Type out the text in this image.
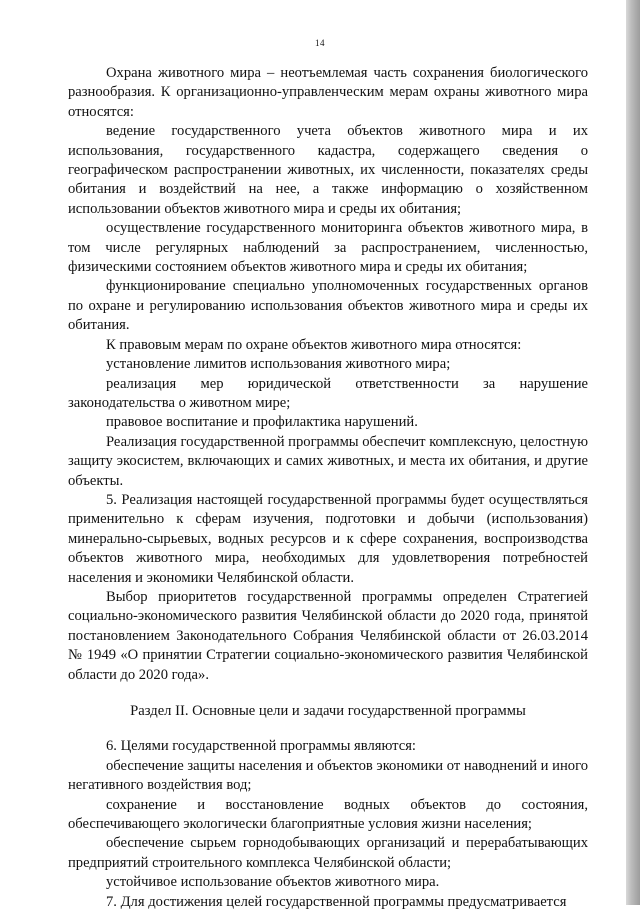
14

Охрана животного мира – неотъемлемая часть сохранения биологического разнообразия. К организационно-управленческим мерам охраны животного мира относятся:

ведение государственного учета объектов животного мира и их использования, государственного кадастра, содержащего сведения о географическом распространении животных, их численности, показателях среды обитания и воздействий на нее, а также информацию о хозяйственном использовании объектов животного мира и среды их обитания;

осуществление государственного мониторинга объектов животного мира, в том числе регулярных наблюдений за распространением, численностью, физическими состоянием объектов животного мира и среды их обитания;

функционирование специально уполномоченных государственных органов по охране и регулированию использования объектов животного мира и среды их обитания.

К правовым мерам по охране объектов животного мира относятся:

установление лимитов использования животного мира;

реализация мер юридической ответственности за нарушение законодательства о животном мире;

правовое воспитание и профилактика нарушений.

Реализация государственной программы обеспечит комплексную, целостную защиту экосистем, включающих и самих животных, и места их обитания, и другие объекты.

5. Реализация настоящей государственной программы будет осуществляться применительно к сферам изучения, подготовки и добычи (использования) минерально-сырьевых, водных ресурсов и к сфере сохранения, воспроизводства объектов животного мира, необходимых для удовлетворения потребностей населения и экономики Челябинской области.

Выбор приоритетов государственной программы определен Стратегией социально-экономического развития Челябинской области до 2020 года, принятой постановлением Законодательного Собрания Челябинской области от 26.03.2014 № 1949 «О принятии Стратегии социально-экономического развития Челябинской области до 2020 года».

Раздел II. Основные цели и задачи государственной программы

6. Целями государственной программы являются:

обеспечение защиты населения и объектов экономики от наводнений и иного негативного воздействия вод;

сохранение и восстановление водных объектов до состояния, обеспечивающего экологически благоприятные условия жизни населения;

обеспечение сырьем горнодобывающих организаций и перерабатывающих предприятий строительного комплекса Челябинской области;

устойчивое использование объектов животного мира.

7. Для достижения целей государственной программы предусматривается
